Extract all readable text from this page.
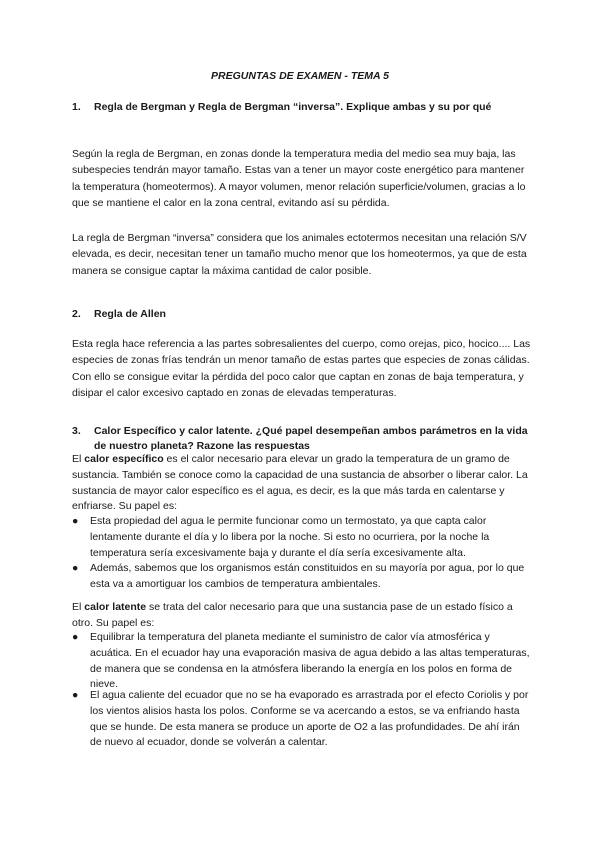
PREGUNTAS DE EXAMEN - TEMA 5
1. Regla de Bergman y Regla de Bergman “inversa”. Explique ambas y su por qué
Según la regla de Bergman, en zonas donde la temperatura media del medio sea muy baja, las subespecies tendrán mayor tamaño. Estas van a tener un mayor coste energético para mantener la temperatura (homeotermos). A mayor volumen, menor relación superficie/volumen, gracias a lo que se mantiene el calor en la zona central, evitando así su pérdida.
La regla de Bergman “inversa” considera que los animales ectotermos necesitan una relación S/V elevada, es decir, necesitan tener un tamaño mucho menor que los homeotermos, ya que de esta manera se consigue captar la máxima cantidad de calor posible.
2. Regla de Allen
Esta regla hace referencia a las partes sobresalientes del cuerpo, como orejas, pico, hocico.... Las especies de zonas frías tendrán un menor tamaño de estas partes que especies de zonas cálidas. Con ello se consigue evitar la pérdida del poco calor que captan en zonas de baja temperatura, y disipar el calor excesivo captado en zonas de elevadas temperaturas.
3. Calor Específico y calor latente. ¿Qué papel desempeñan ambos parámetros en la vida de nuestro planeta? Razone las respuestas
El calor específico es el calor necesario para elevar un grado la temperatura de un gramo de sustancia. También se conoce como la capacidad de una sustancia de absorber o liberar calor. La sustancia de mayor calor específico es el agua, es decir, es la que más tarda en calentarse y enfriarse. Su papel es:
● Esta propiedad del agua le permite funcionar como un termostato, ya que capta calor lentamente durante el día y lo libera por la noche. Si esto no ocurriera, por la noche la temperatura sería excesivamente baja y durante el día sería excesivamente alta.
● Además, sabemos que los organismos están constituidos en su mayoría por agua, por lo que esta va a amortiguar los cambios de temperatura ambientales.
El calor latente se trata del calor necesario para que una sustancia pase de un estado físico a otro. Su papel es:
● Equilibrar la temperatura del planeta mediante el suministro de calor vía atmosférica y acuática. En el ecuador hay una evaporación masiva de agua debido a las altas temperaturas, de manera que se condensa en la atmósfera liberando la energía en los polos en forma de nieve.
● El agua caliente del ecuador que no se ha evaporado es arrastrada por el efecto Coriolis y por los vientos alisios hasta los polos. Conforme se va acercando a estos, se va enfriando hasta que se hunde. De esta manera se produce un aporte de O2 a las profundidades. De ahí irán de nuevo al ecuador, donde se volverán a calentar.
